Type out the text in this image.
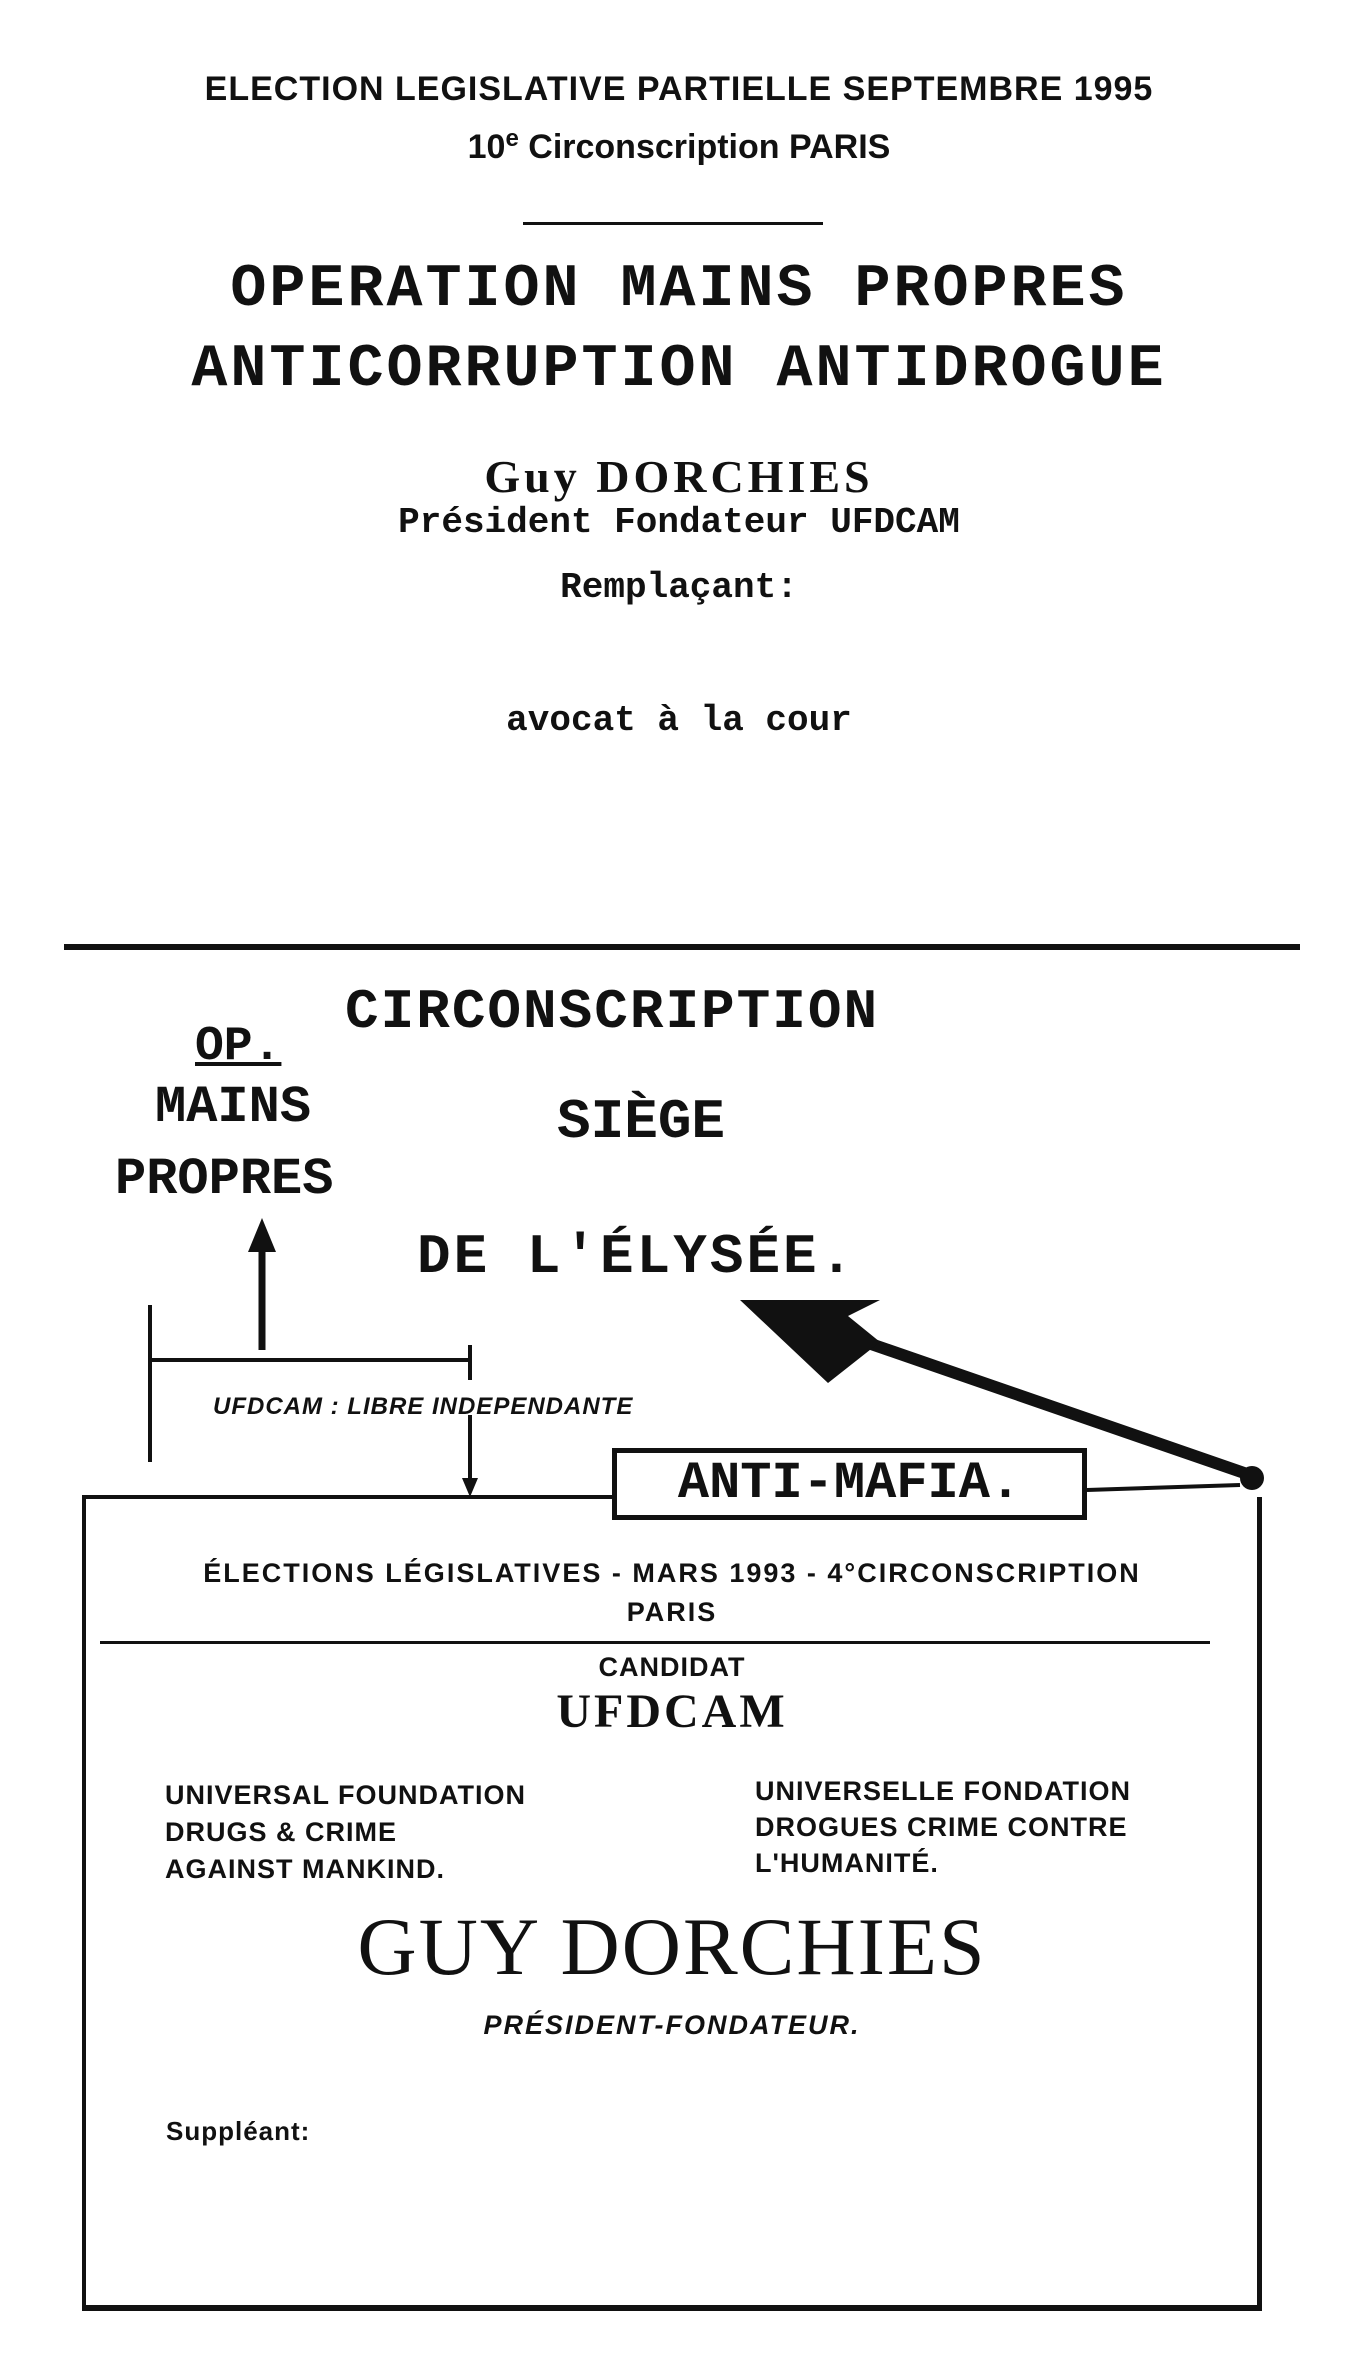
ELECTION LEGISLATIVE PARTIELLE SEPTEMBRE 1995
10e Circonscription PARIS
OPERATION MAINS PROPRES
ANTICORRUPTION ANTIDROGUE
Guy DORCHIES
Président Fondateur UFDCAM
Remplaçant:
avocat à la cour
CIRCONSCRIPTION
OP.
MAINS
PROPRES
SIÈGE
DE L'ÉLYSÉE.
UFDCAM : LIBRE INDEPENDANTE
ÉLECTIONS LÉGISLATIVES - MARS 1993 - 4°CIRCONSCRIPTION
PARIS
CANDIDAT
UFDCAM
UNIVERSAL FOUNDATION
DRUGS & CRIME
AGAINST MANKIND.
UNIVERSELLE FONDATION
DROGUES CRIME CONTRE
L'HUMANITÉ.
GUY DORCHIES
PRÉSIDENT-FONDATEUR.
Suppléant:
ANTI-MAFIA.
